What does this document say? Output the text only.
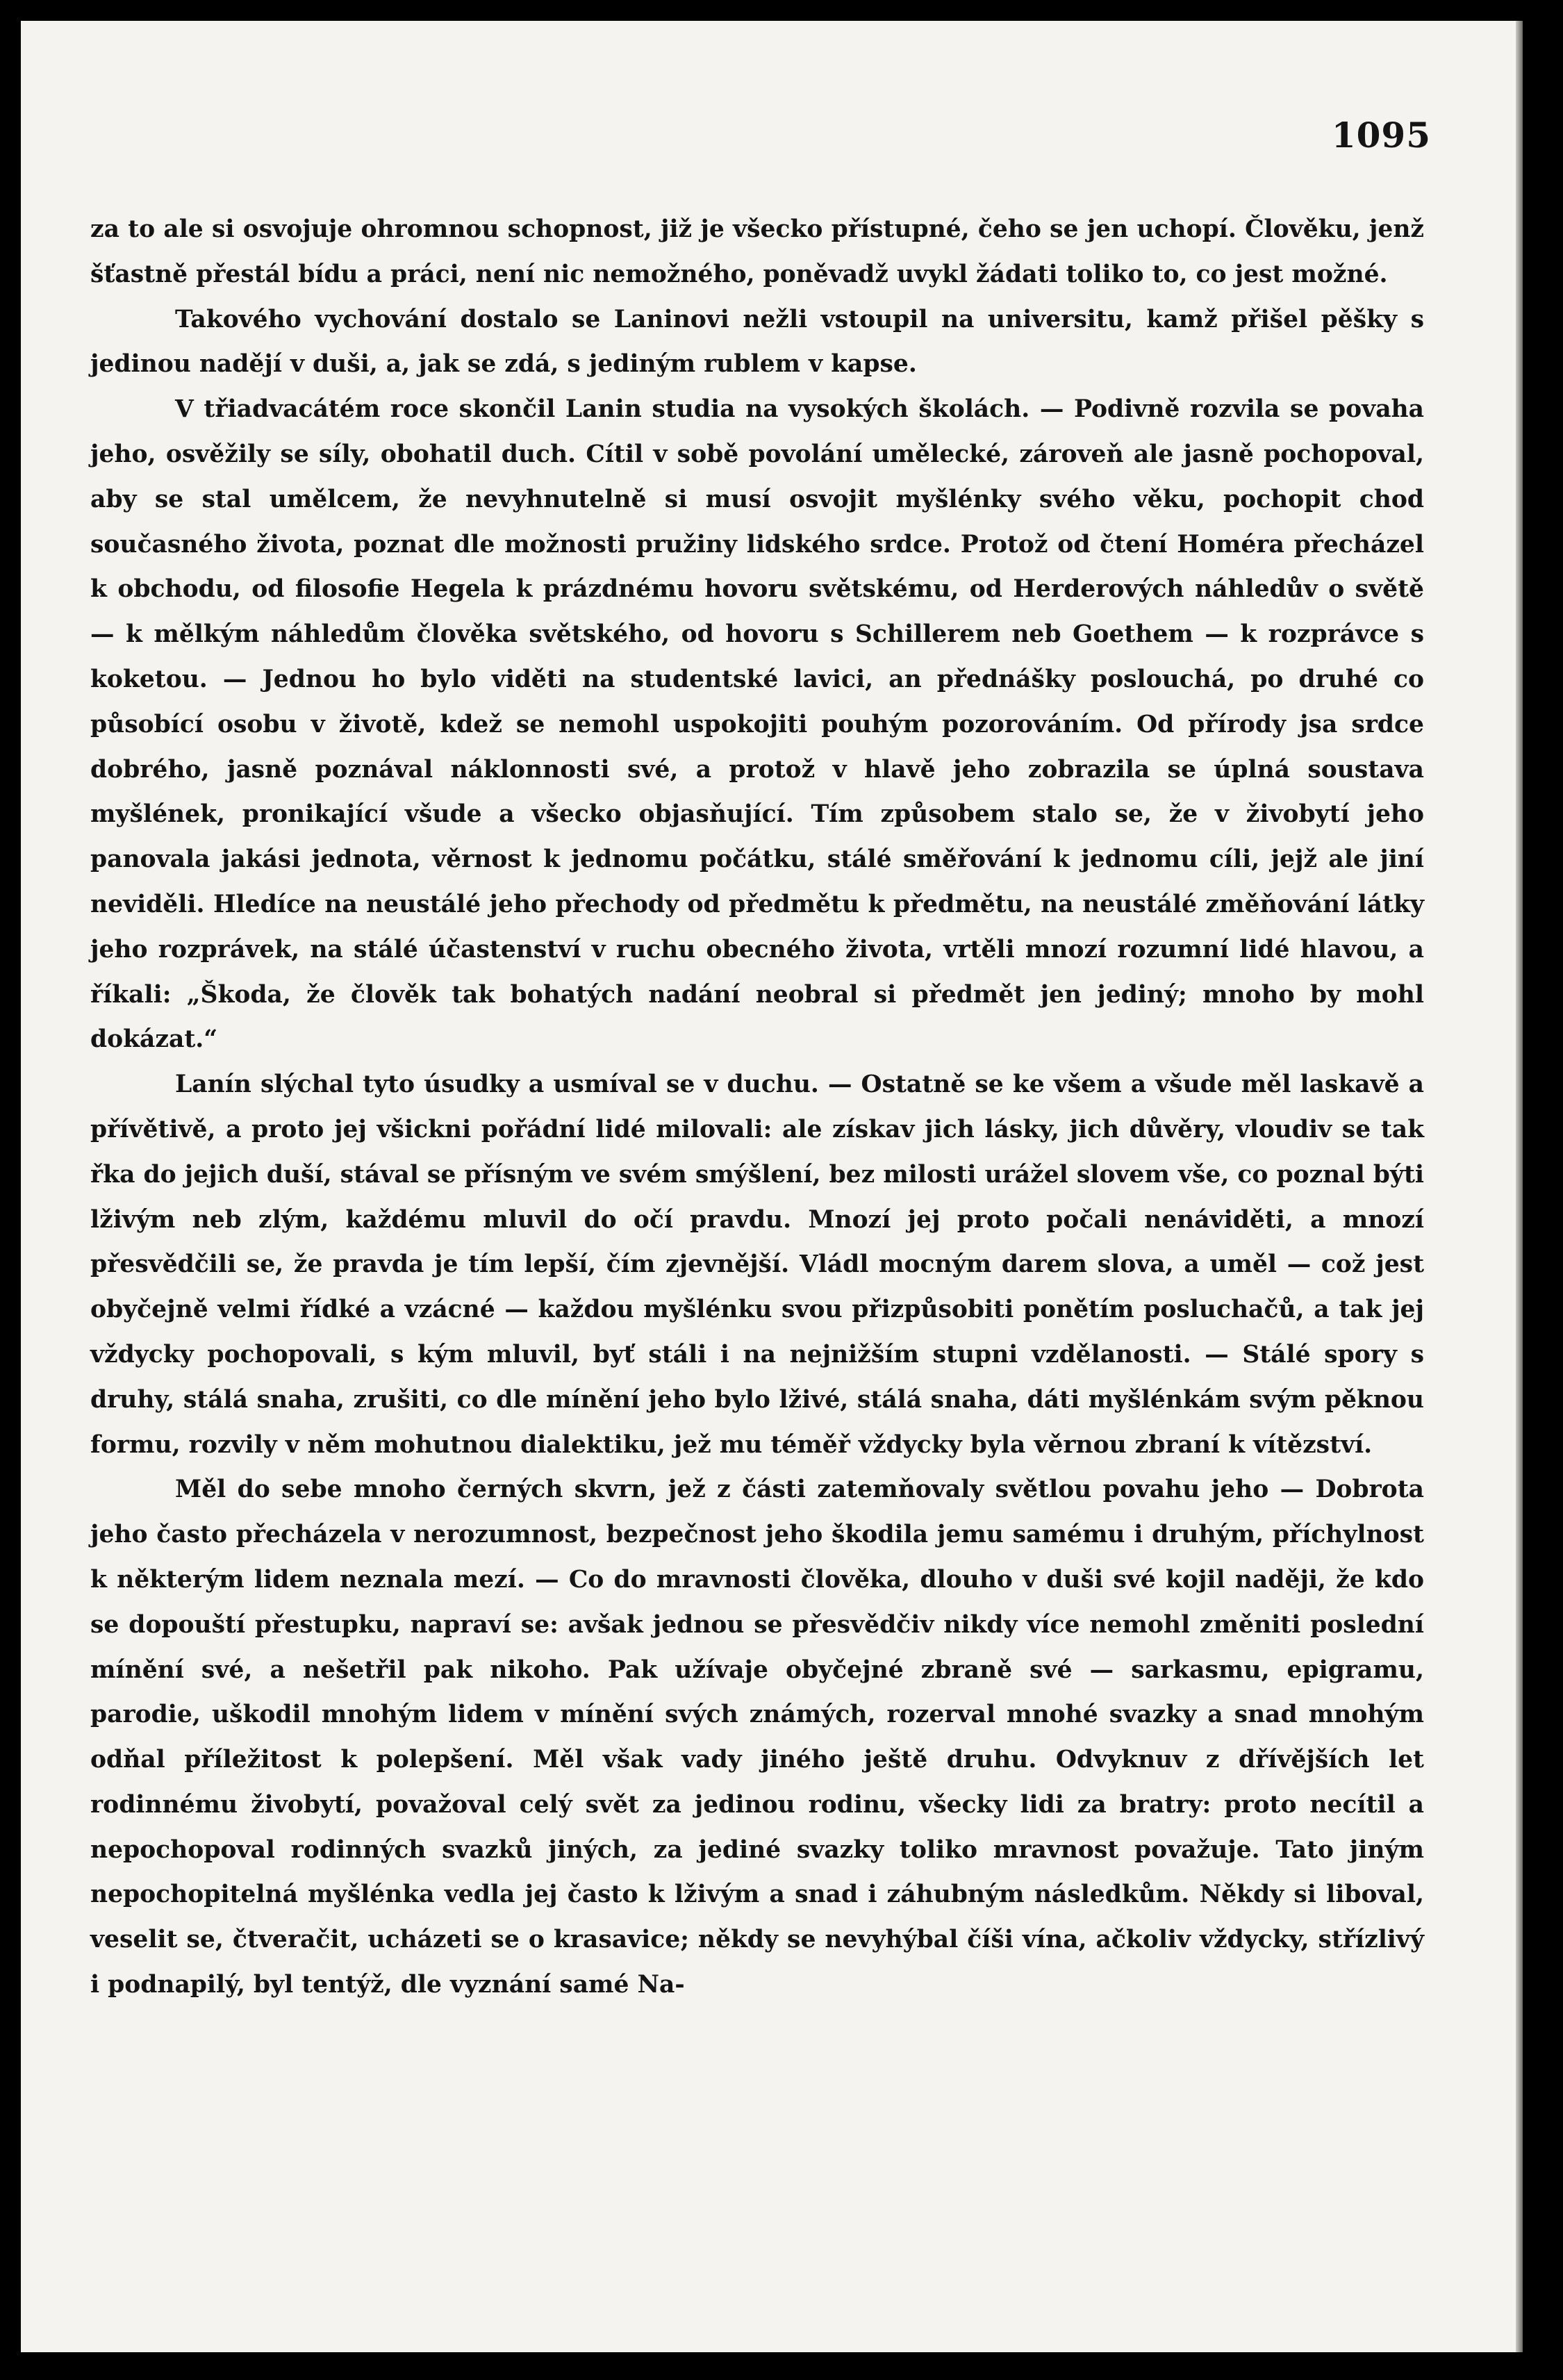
1095

za to ale si osvojuje ohromnou schopnost, již je všecko přístupné, čeho se jen uchopí. Člověku, jenž šťastně přestál bídu a práci, není nic nemožného, poněvadž uvykl žádati toliko to, co jest možné.

Takového vychování dostalo se Laninovi nežli vstoupil na universitu, kamž přišel pěšky s jedinou nadějí v duši, a, jak se zdá, s jediným rublem v kapse.

V třiadvacátém roce skončil Lanin studia na vysokých školách. — Podivně rozvila se povaha jeho, osvěžily se síly, obohatil duch. Cítil v sobě povolání umělecké, zároveň ale jasně pochopoval, aby se stal umělcem, že nevyhnutelně si musí osvojit myšlénky svého věku, pochopit chod současného života, poznat dle možnosti pružiny lidského srdce. Protož od čtení Homéra přecházel k obchodu, od filosofie Hegela k prázdnému hovoru světskému, od Herderových náhledův o světě — k mělkým náhledům člověka světského, od hovoru s Schillerem neb Goethem — k rozprávce s koketou. — Jednou ho bylo viděti na studentské lavici, an přednášky poslouchá, po druhé co působící osobu v životě, kdež se nemohl uspokojiti pouhým pozorováním. Od přírody jsa srdce dobrého, jasně poznával náklonnosti své, a protož v hlavě jeho zobrazila se úplná soustava myšlének, pronikající všude a všecko objasňující. Tím způsobem stalo se, že v živobytí jeho panovala jakási jednota, věrnost k jednomu počátku, stálé směřování k jednomu cíli, jejž ale jiní neviděli. Hledíce na neustálé jeho přechody od předmětu k předmětu, na neustálé změňování látky jeho rozprávek, na stálé účastenství v ruchu obecného života, vrtěli mnozí rozumní lidé hlavou, a říkali: „Škoda, že člověk tak bohatých nadání neobral si předmět jen jediný; mnoho by mohl dokázat.“

Lanín slýchal tyto úsudky a usmíval se v duchu. — Ostatně se ke všem a všude měl laskavě a přívětivě, a proto jej všickni pořádní lidé milovali: ale získav jich lásky, jich důvěry, vloudiv se tak řka do jejich duší, stával se přísným ve svém smýšlení, bez milosti urážel slovem vše, co poznal býti lživým neb zlým, každému mluvil do očí pravdu. Mnozí jej proto počali nenáviděti, a mnozí přesvědčili se, že pravda je tím lepší, čím zjevnější. Vládl mocným darem slova, a uměl — což jest obyčejně velmi řídké a vzácné — každou myšlénku svou přizpůsobiti ponětím posluchačů, a tak jej vždycky pochopovali, s kým mluvil, byť stáli i na nejnižším stupni vzdělanosti. — Stálé spory s druhy, stálá snaha, zrušiti, co dle mínění jeho bylo lživé, stálá snaha, dáti myšlénkám svým pěknou formu, rozvily v něm mohutnou dialektiku, jež mu téměř vždycky byla věrnou zbraní k vítězství.

Měl do sebe mnoho černých skvrn, jež z části zatemňovaly světlou povahu jeho — Dobrota jeho často přecházela v nerozumnost, bezpečnost jeho škodila jemu samému i druhým, příchylnost k některým lidem neznala mezí. — Co do mravnosti člověka, dlouho v duši své kojil naději, že kdo se dopouští přestupku, napraví se: avšak jednou se přesvědčiv nikdy více nemohl změniti poslední mínění své, a nešetřil pak nikoho. Pak užívaje obyčejné zbraně své — sarkasmu, epigramu, parodie, uškodil mnohým lidem v mínění svých známých, rozerval mnohé svazky a snad mnohým odňal příležitost k polepšení. Měl však vady jiného ještě druhu. Odvyknuv z dřívějších let rodinnému živobytí, považoval celý svět za jedinou rodinu, všecky lidi za bratry: proto necítil a nepochopoval rodinných svazků jiných, za jediné svazky toliko mravnost považuje. Tato jiným nepochopitelná myšlénka vedla jej často k lživým a snad i záhubným následkům. Někdy si liboval, veselit se, čtveračit, ucházeti se o krasavice; někdy se nevyhýbal číši vína, ačkoliv vždycky, střízlivý i podnapilý, byl tentýž, dle vyznání samé Na-
